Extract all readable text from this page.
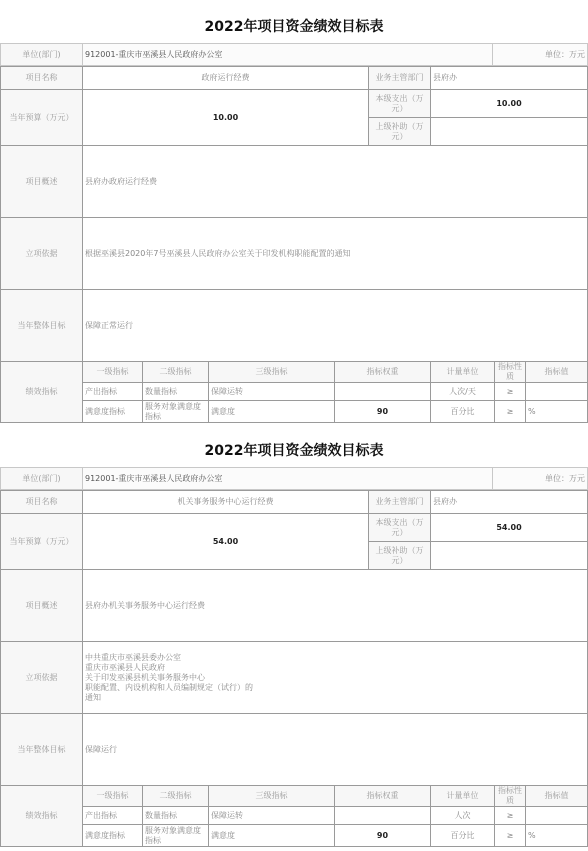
2022年项目资金绩效目标表
单位(部门)	912001-重庆市巫溪县人民政府办公室	单位：万元
项目名称	政府运行经费				业务主管部门	县府办		
当年预算（万元）	10.00				本级支出（万元）	10.00		
					上级补助（万元）			
项目概述	县府办政府运行经费							
立项依据	根据巫溪县2020年7号巫溪县人民政府办公室关于印发机构职能配置的通知							
当年整体目标	保障正常运行							
绩效指标	一级指标	二级指标	三级指标	指标权重		计量单位	指标性质	指标值
	产出指标	数量指标	保障运转			人次/天	≥	
	满意度指标	服务对象满意度指标	满意度	90		百分比	≥	%
2022年项目资金绩效目标表
单位(部门)	912001-重庆市巫溪县人民政府办公室	单位：万元
项目名称	机关事务服务中心运行经费				业务主管部门	县府办		
当年预算（万元）	54.00				本级支出（万元）	54.00		
					上级补助（万元）			
项目概述	县府办机关事务服务中心运行经费							
立项依据	中共重庆市巫溪县委办公室
重庆市巫溪县人民政府
关于印发巫溪县机关事务服务中心
职能配置、内设机构和人员编制规定（试行）的
通知							
当年整体目标	保障运行							
绩效指标	一级指标	二级指标	三级指标	指标权重		计量单位	指标性质	指标值
	产出指标	数量指标	保障运转			人次	≥	
	满意度指标	服务对象满意度指标	满意度	90		百分比	≥	%
